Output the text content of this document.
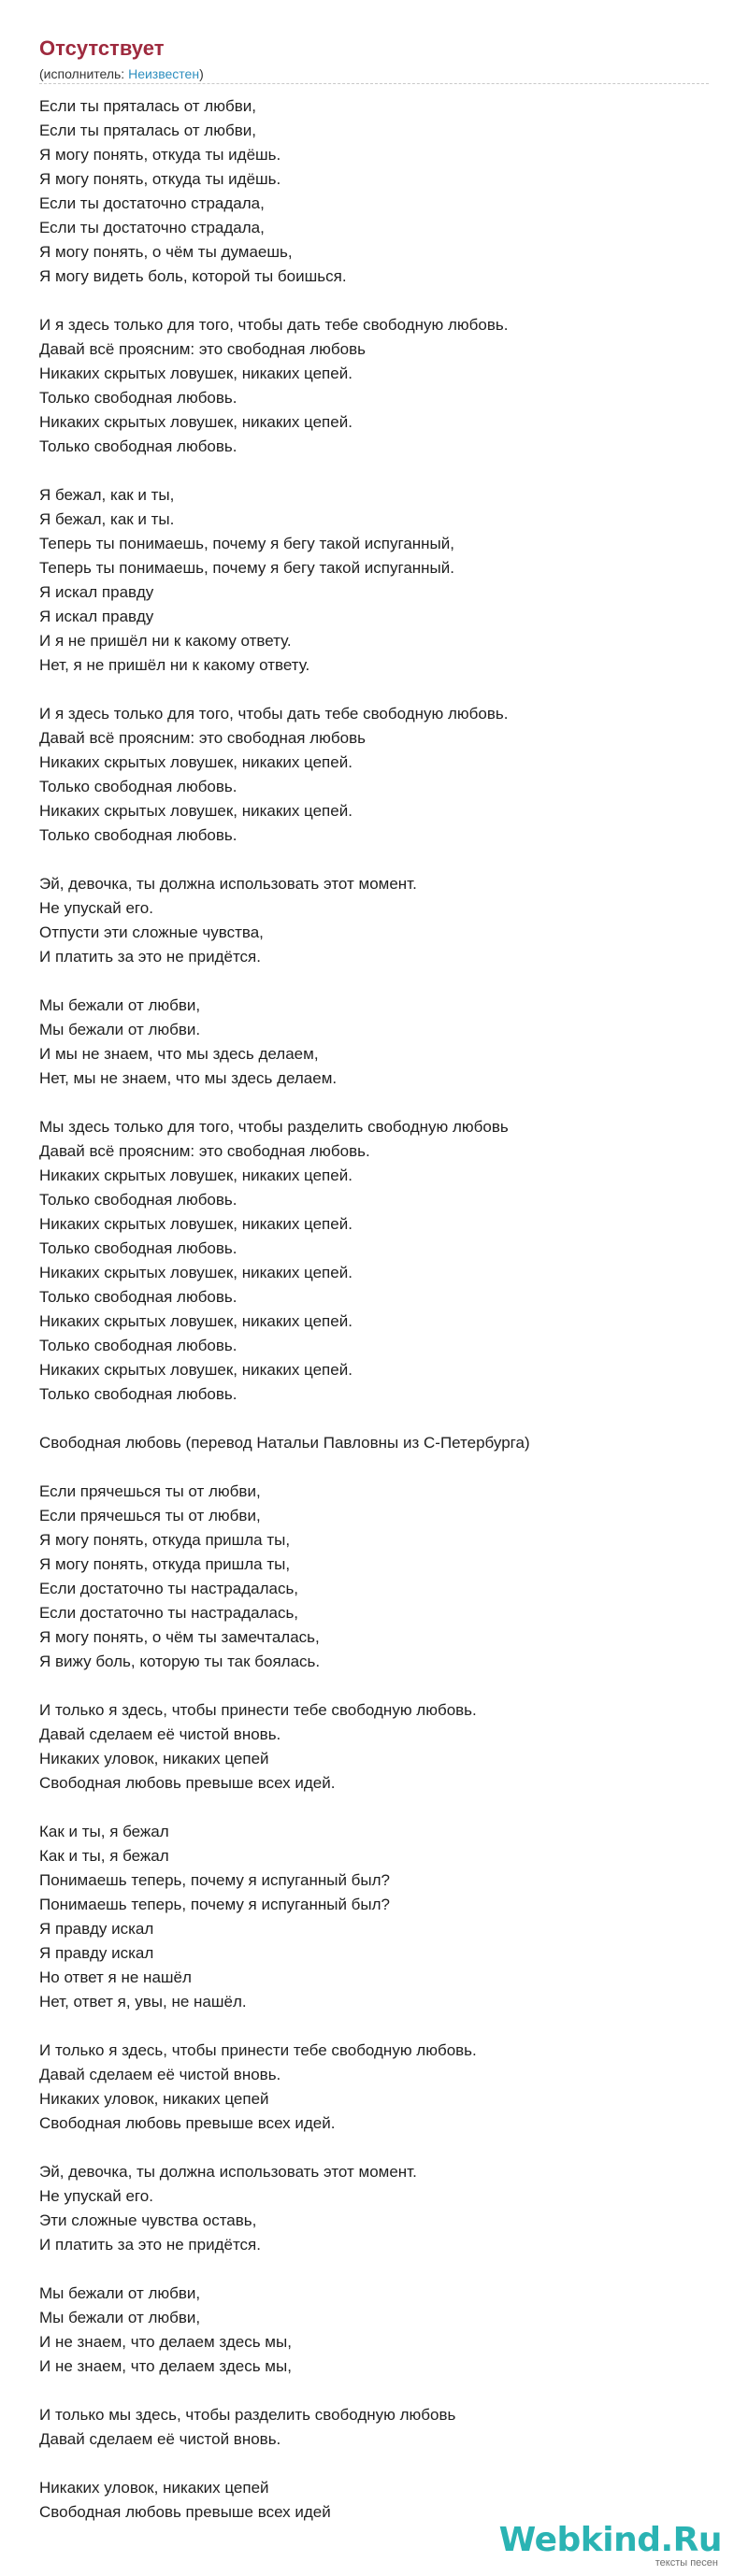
Отсутствует
(исполнитель: Неизвестен)
Если ты пряталась от любви,
Если ты пряталась от любви,
Я могу понять, откуда ты идёшь.
Я могу понять, откуда ты идёшь.
Если ты достаточно страдала,
Если ты достаточно страдала,
Я могу понять, о чём ты думаешь,
Я могу видеть боль, которой ты боишься.
И я здесь только для того, чтобы дать тебе свободную любовь.
Давай всё проясним: это свободная любовь
Никаких скрытых ловушек, никаких цепей.
Только свободная любовь.
Никаких скрытых ловушек, никаких цепей.
Только свободная любовь.
Я бежал, как и ты,
Я бежал, как и ты.
Теперь ты понимаешь, почему я бегу такой испуганный,
Теперь ты понимаешь, почему я бегу такой испуганный.
Я искал правду
Я искал правду
И я не пришёл ни к какому ответу.
Нет, я не пришёл ни к какому ответу.
И я здесь только для того, чтобы дать тебе свободную любовь.
Давай всё проясним: это свободная любовь
Никаких скрытых ловушек, никаких цепей.
Только свободная любовь.
Никаких скрытых ловушек, никаких цепей.
Только свободная любовь.
Эй, девочка, ты должна использовать этот момент.
Не упускай его.
Отпусти эти сложные чувства,
И платить за это не придётся.
Мы бежали от любви,
Мы бежали от любви.
И мы не знаем, что мы здесь делаем,
Нет, мы не знаем, что мы здесь делаем.
Мы здесь только для того, чтобы разделить свободную любовь
Давай всё проясним: это свободная любовь.
Никаких скрытых ловушек, никаких цепей.
Только свободная любовь.
Никаких скрытых ловушек, никаких цепей.
Только свободная любовь.
Никаких скрытых ловушек, никаких цепей.
Только свободная любовь.
Никаких скрытых ловушек, никаких цепей.
Только свободная любовь.
Никаких скрытых ловушек, никаких цепей.
Только свободная любовь.
Свободная любовь (перевод Натальи Павловны из С-Петербурга)
Если прячешься ты от любви,
Если прячешься ты от любви,
Я могу понять, откуда пришла ты,
Я могу понять, откуда пришла ты,
Если достаточно ты настрадалась,
Если достаточно ты настрадалась,
Я могу понять, о чём ты замечталась,
Я вижу боль, которую ты так боялась.
И только я здесь, чтобы принести тебе свободную любовь.
Давай сделаем её чистой вновь.
Никаких уловок, никаких цепей
Свободная любовь превыше всех идей.
Как и ты, я бежал
Как и ты, я бежал
Понимаешь теперь, почему я испуганный был?
Понимаешь теперь, почему я испуганный был?
Я правду искал
Я правду искал
Но ответ я не нашёл
Нет, ответ я, увы, не нашёл.
И только я здесь, чтобы принести тебе свободную любовь.
Давай сделаем её чистой вновь.
Никаких уловок, никаких цепей
Свободная любовь превыше всех идей.
Эй, девочка, ты должна использовать этот момент.
Не упускай его.
Эти сложные чувства оставь,
И платить за это не придётся.
Мы бежали от любви,
Мы бежали от любви,
И не знаем, что делаем здесь мы,
И не знаем, что делаем здесь мы,
И только мы здесь, чтобы разделить свободную любовь
Давай сделаем её чистой вновь.
Никаких уловок, никаких цепей
Свободная любовь превыше всех идей
Webkind.Ru
тексты песен
